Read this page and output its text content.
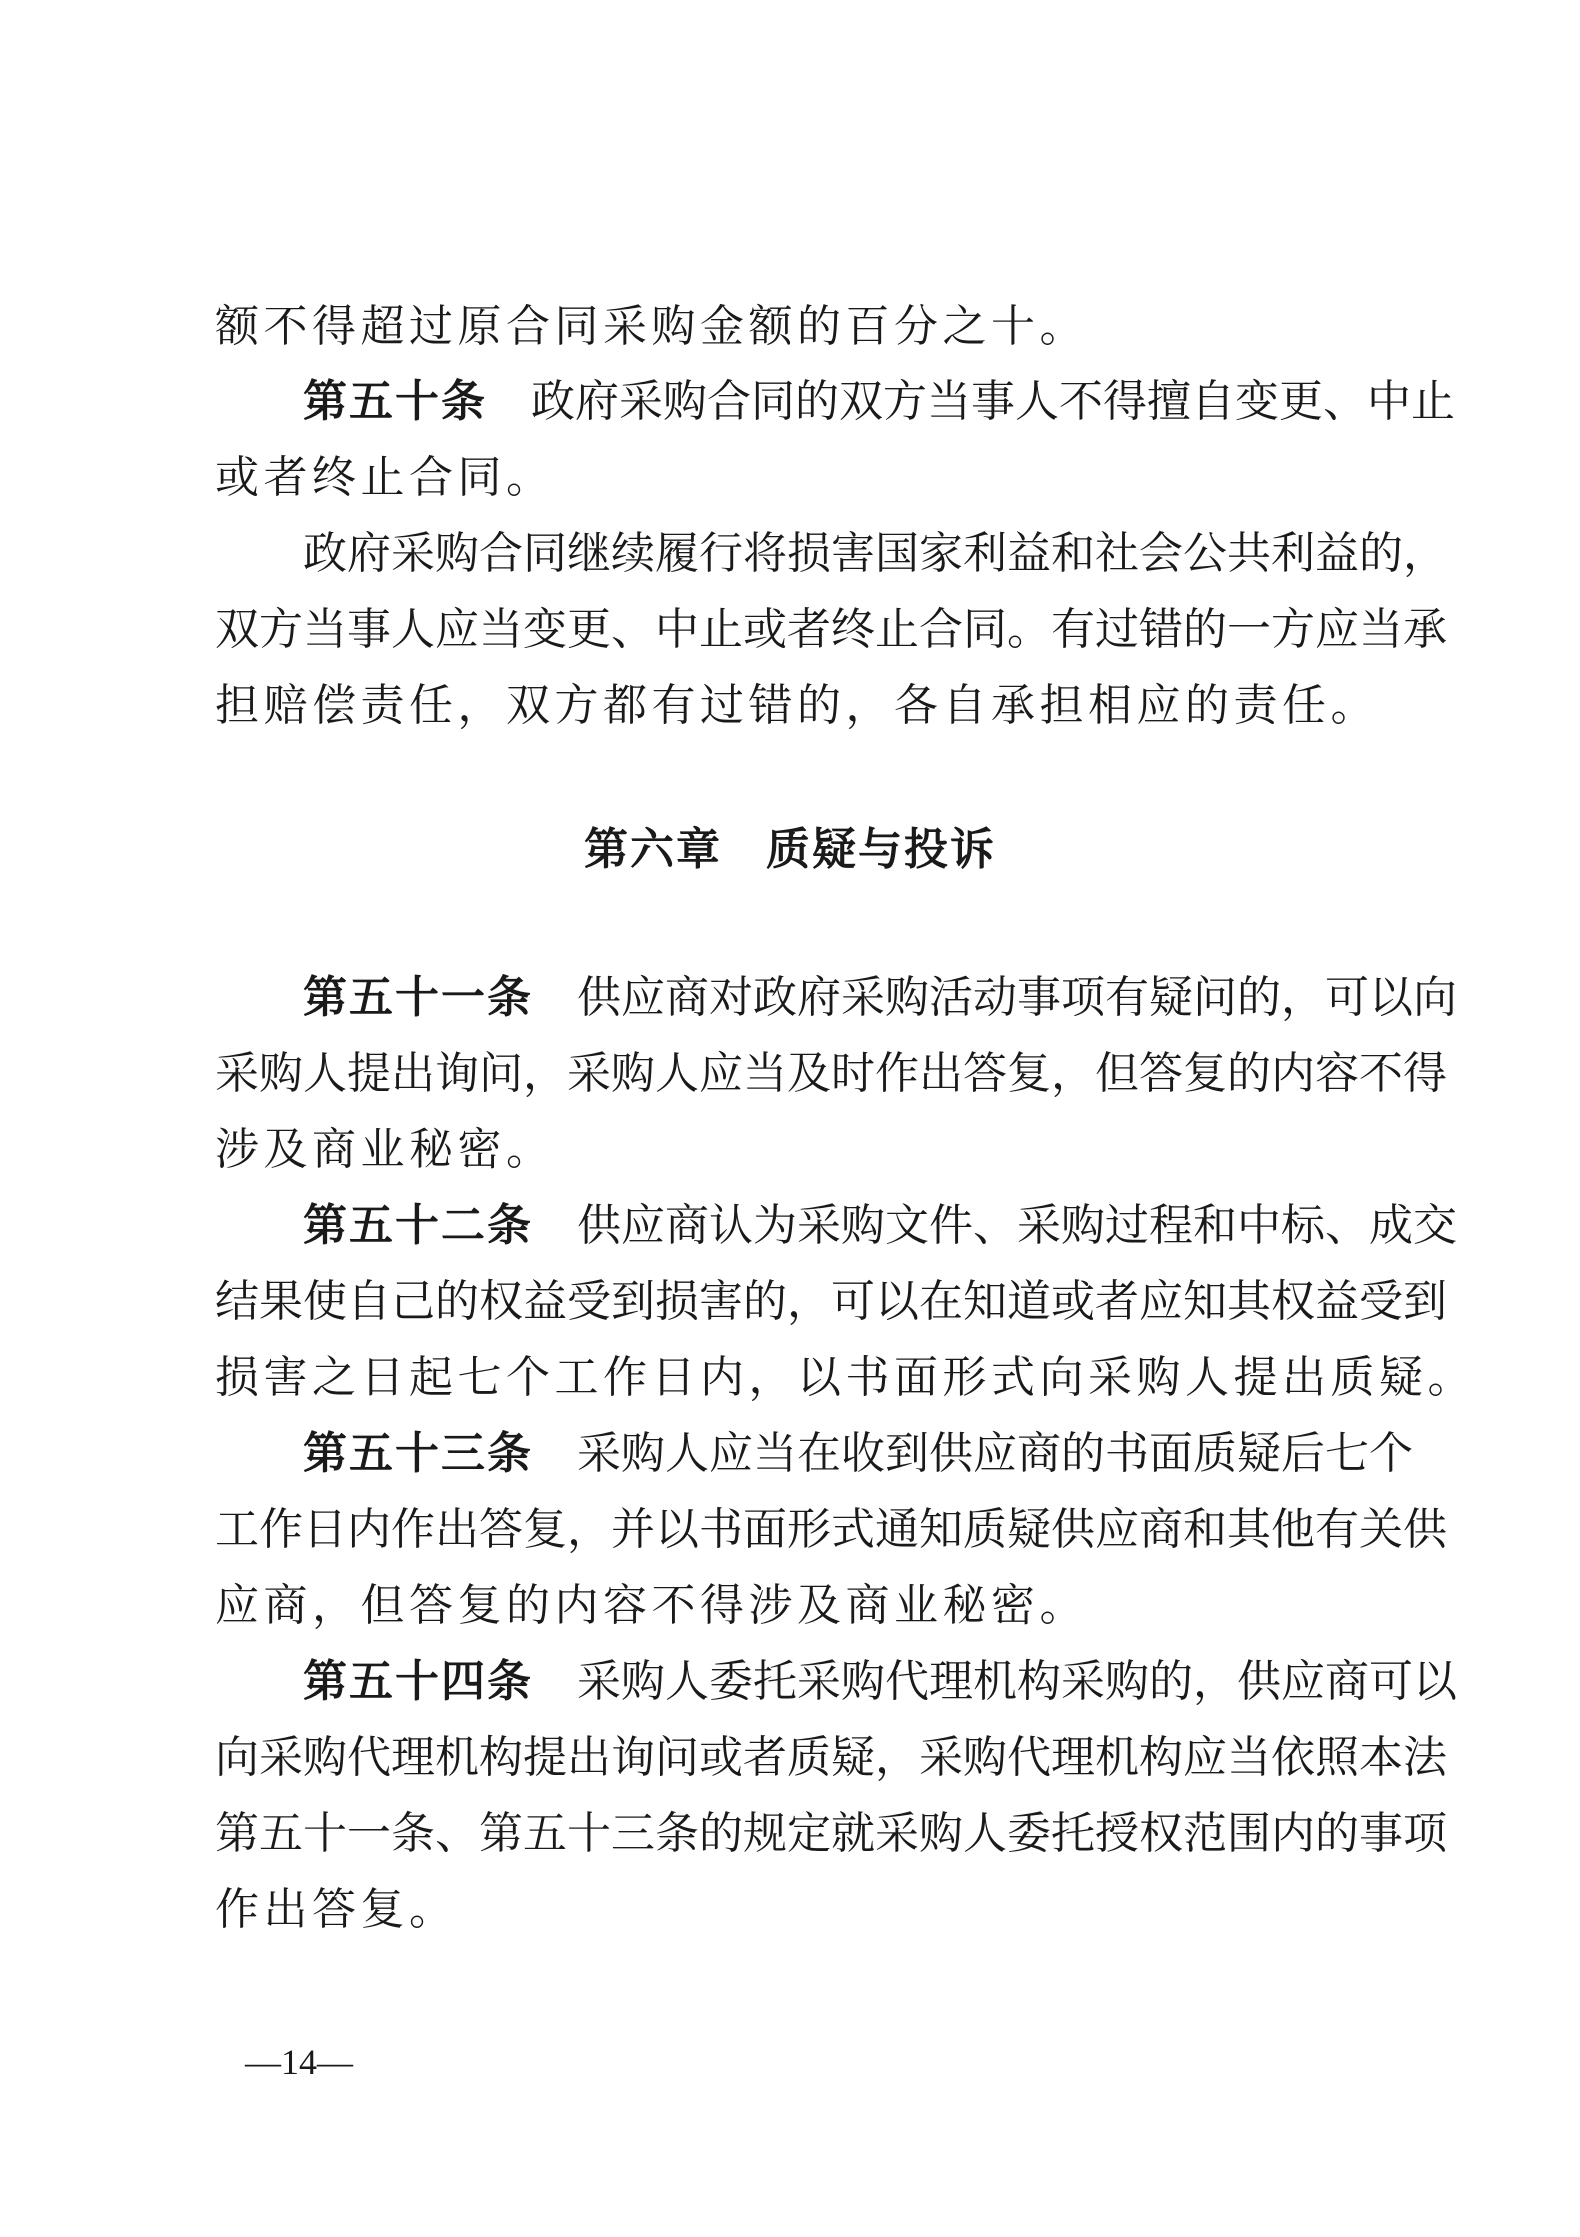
额不得超过原合同采购金额的百分之十。
第五十条 政府采购合同的双方当事人不得擅自变更、中止
或者终止合同。
政府采购合同继续履行将损害国家利益和社会公共利益的，
双方当事人应当变更、中止或者终止合同。有过错的一方应当承
担赔偿责任，双方都有过错的，各自承担相应的责任。
第六章 质疑与投诉
第五十一条 供应商对政府采购活动事项有疑问的，可以向
采购人提出询问，采购人应当及时作出答复，但答复的内容不得
涉及商业秘密。
第五十二条 供应商认为采购文件、采购过程和中标、成交
结果使自己的权益受到损害的，可以在知道或者应知其权益受到
损害之日起七个工作日内，以书面形式向采购人提出质疑。
第五十三条 采购人应当在收到供应商的书面质疑后七个
工作日内作出答复，并以书面形式通知质疑供应商和其他有关供
应商，但答复的内容不得涉及商业秘密。
第五十四条 采购人委托采购代理机构采购的，供应商可以
向采购代理机构提出询问或者质疑，采购代理机构应当依照本法
第五十一条、第五十三条的规定就采购人委托授权范围内的事项
作出答复。
—14—
